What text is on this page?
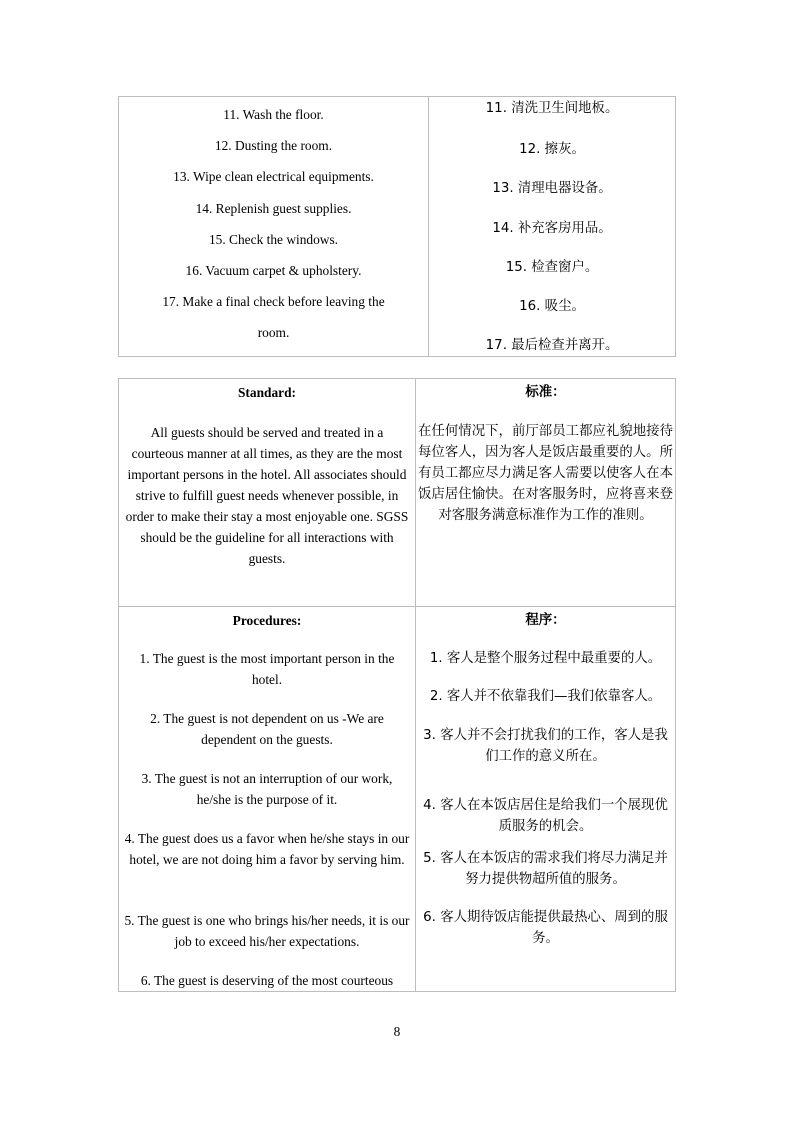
11. Wash the floor.
12. Dusting the room.
13. Wipe clean electrical equipments.
14. Replenish guest supplies.
15. Check the windows.
16. Vacuum carpet & upholstery.
17. Make a final check before leaving the
room.
11. 清洗卫生间地板。
12. 擦灰。
13. 清理电器设备。
14. 补充客房用品。
15. 检查窗户。
16. 吸尘。
17. 最后检查并离开。
Standard:
All guests should be served and treated in a courteous manner at all times, as they are the most important persons in the hotel. All associates should strive to fulfill guest needs whenever possible, in order to make their stay a most enjoyable one. SGSS should be the guideline for all interactions with guests.
标准：
在任何情况下，前厅部员工都应礼貌地接待每位客人，因为客人是饭店最重要的人。所有员工都应尽力满足客人需要以使客人在本饭店居住愉快。在对客服务时，应将喜来登对客服务满意标准作为工作的准则。
Procedures:
1. The guest is the most important person in the hotel.
2. The guest is not dependent on us -We are dependent on the guests.
3. The guest is not an interruption of our work, he/she is the purpose of it.
4. The guest does us a favor when he/she stays in our hotel, we are not doing him a favor by serving him.
5. The guest is one who brings his/her needs, it is our job to exceed his/her expectations.
6. The guest is deserving of the most courteous
程序：
1. 客人是整个服务过程中最重要的人。
2. 客人并不依靠我们—我们依靠客人。
3. 客人并不会打扰我们的工作，客人是我们工作的意义所在。
4. 客人在本饭店居住是给我们一个展现优质服务的机会。
5. 客人在本饭店的需求我们将尽力满足并努力提供物超所值的服务。
6. 客人期待饭店能提供最热心、周到的服务。
8
